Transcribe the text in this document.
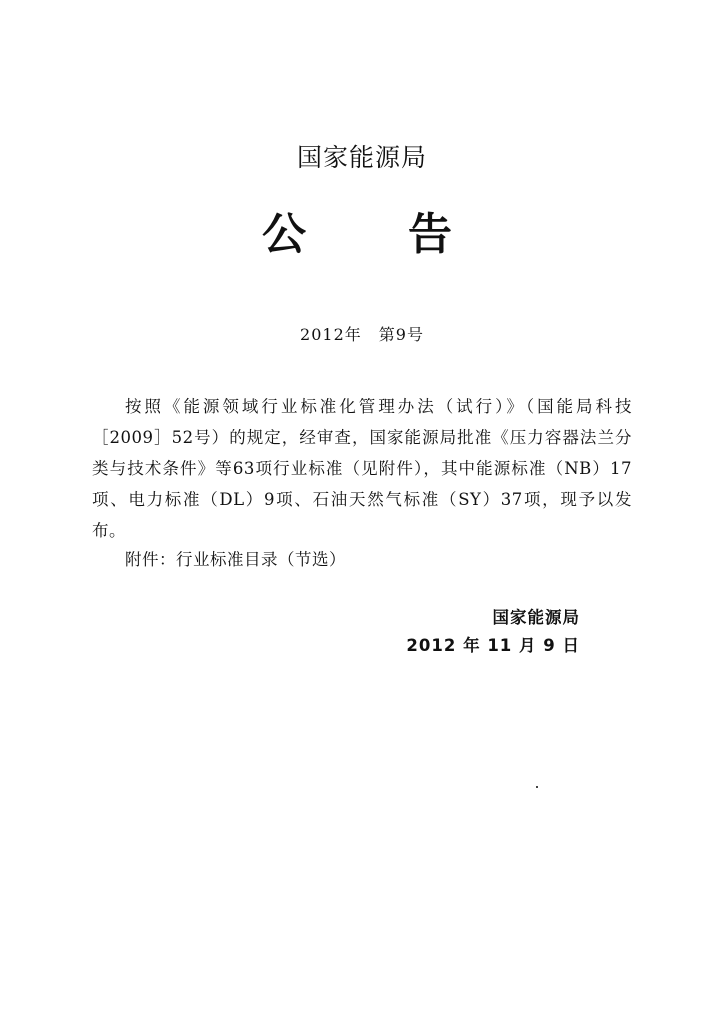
国家能源局
公 告
2012年　第9号

按照《能源领域行业标准化管理办法（试行）》（国能局科技［2009］52号）的规定，经审查，国家能源局批准《压力容器法兰分类与技术条件》等63项行业标准（见附件），其中能源标准（NB）17项、电力标准（DL）9项、石油天然气标准（SY）37项，现予以发布。

附件：行业标准目录（节选）
国家能源局
2012 年 11 月 9 日
